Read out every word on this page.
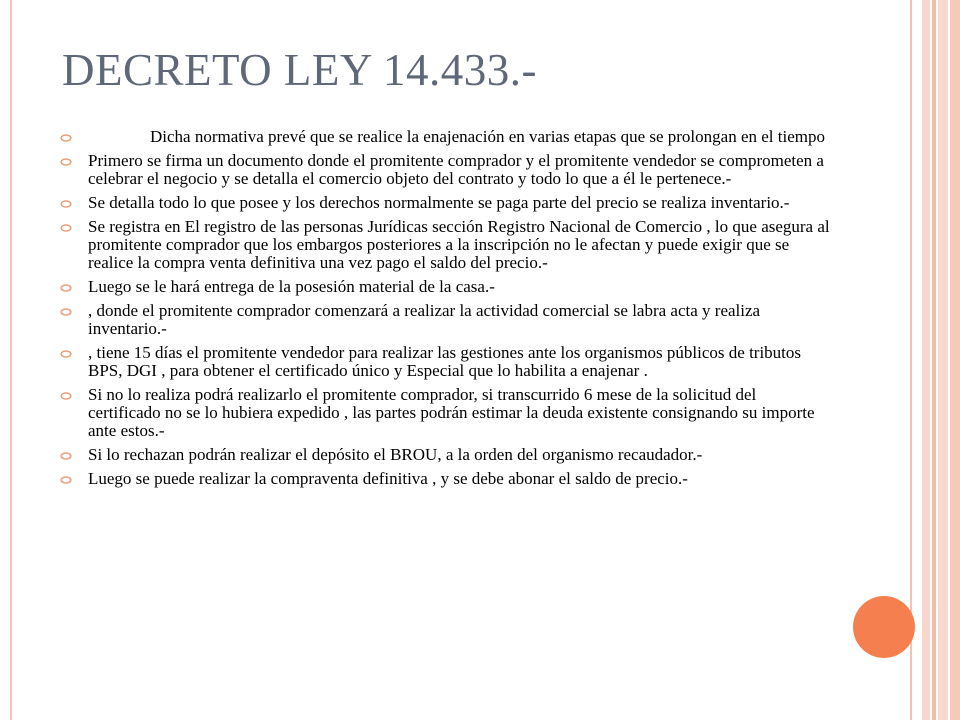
DECRETO LEY 14.433.-
Dicha normativa prevé que se realice la enajenación en varias etapas que se prolongan en el tiempo
Primero se firma un documento donde el promitente comprador y el promitente vendedor se comprometen a celebrar el negocio y se detalla el comercio objeto del contrato y todo lo que a él le pertenece.-
Se detalla todo lo que posee y los derechos normalmente se paga parte del precio se realiza inventario.-
Se registra en El registro de las personas Jurídicas sección Registro Nacional de Comercio , lo que asegura al promitente comprador que los embargos posteriores a la inscripción no le afectan y puede exigir que se realice la compra venta definitiva una vez pago el saldo del precio.-
Luego se le hará entrega de la posesión material de la casa.-
, donde el promitente comprador comenzará a realizar la actividad comercial se labra acta y realiza inventario.-
, tiene 15 días el promitente vendedor para realizar las gestiones ante los organismos públicos de tributos BPS, DGI , para obtener el certificado único y Especial que lo habilita a enajenar .
Si no lo realiza podrá realizarlo el promitente comprador, si transcurrido 6 mese de la solicitud del certificado no se lo hubiera expedido , las partes podrán estimar la deuda existente consignando su importe ante estos.-
Si lo rechazan podrán realizar el depósito el BROU, a la orden del organismo recaudador.-
Luego se puede realizar la compraventa definitiva , y se debe abonar el saldo de precio.-
